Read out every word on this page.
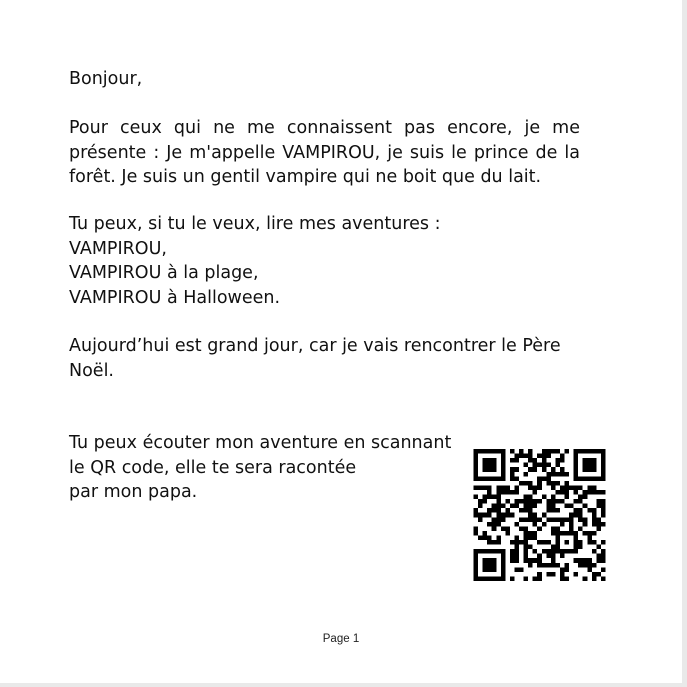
Bonjour,

Pour ceux qui ne me connaissent pas encore, je me présente : Je m'appelle VAMPIROU, je suis le prince de la forêt. Je suis un gentil vampire qui ne boit que du lait.

Tu peux, si tu le veux, lire mes aventures :
VAMPIROU,
VAMPIROU à la plage,
VAMPIROU à Halloween.

Aujourd’hui est grand jour, car je vais rencontrer le Père Noël.

Tu peux écouter mon aventure en scannant
le QR code, elle te sera racontée
par mon papa.
Page 1
